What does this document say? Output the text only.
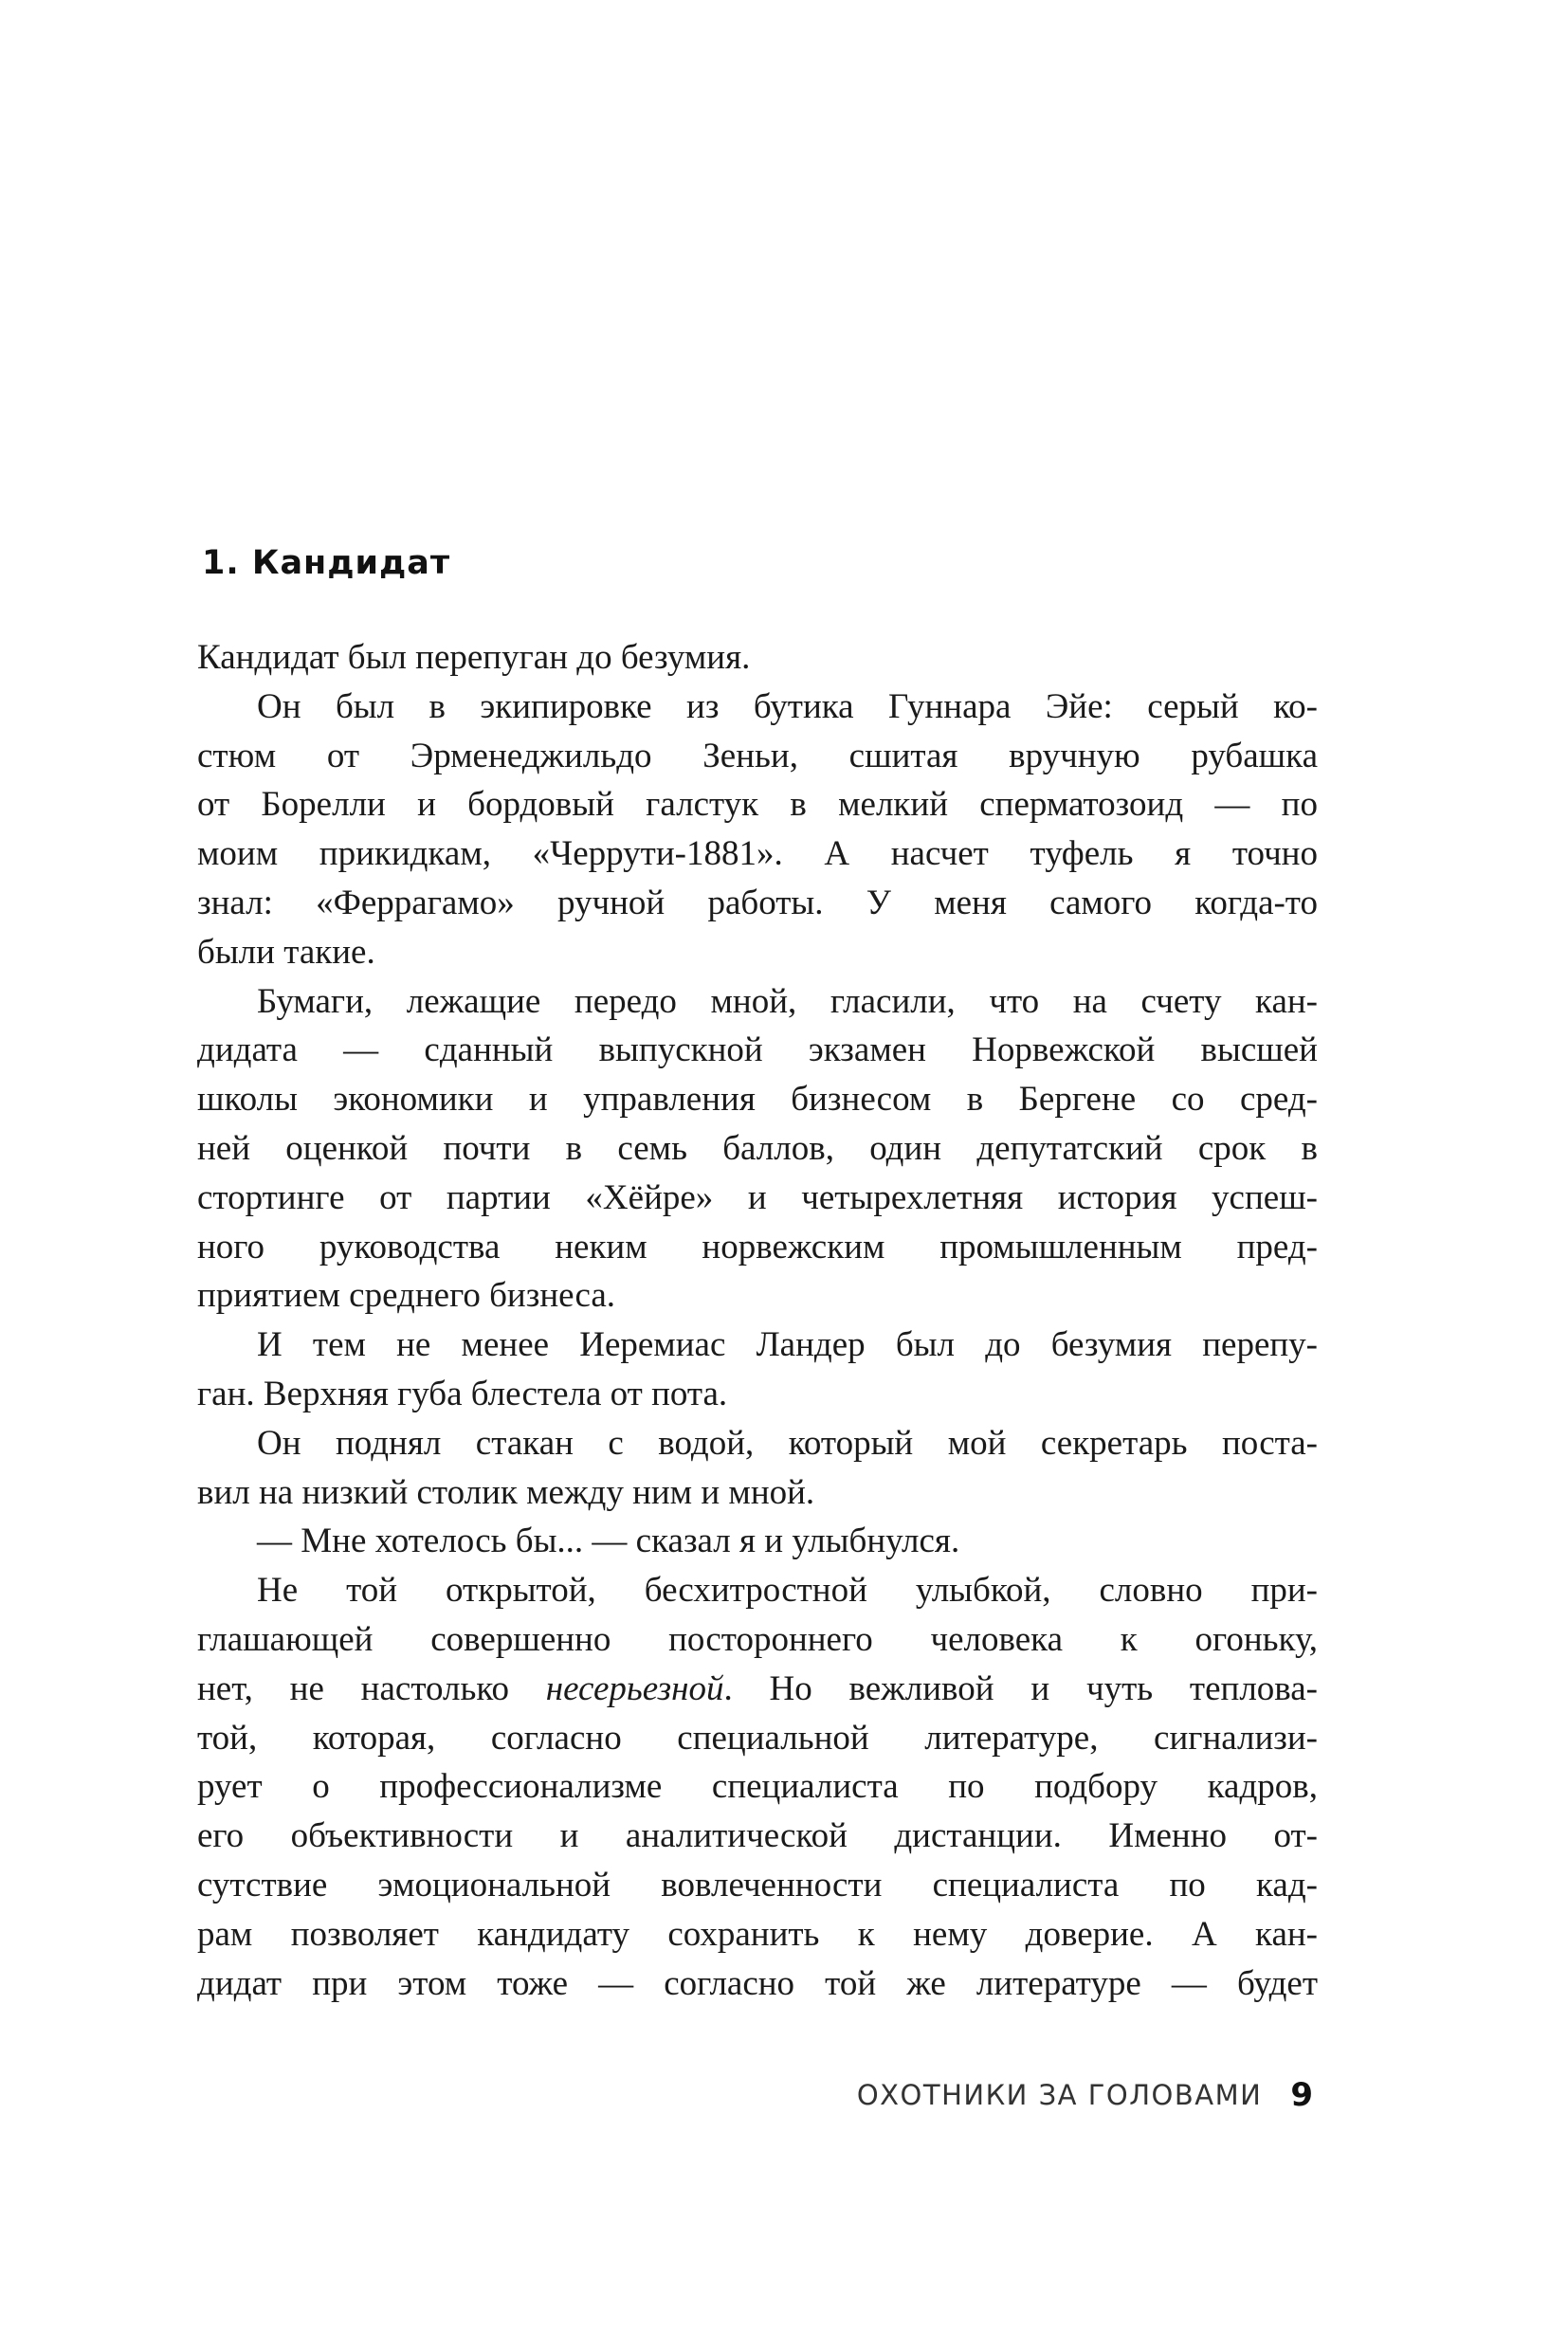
1. Кандидат
Кандидат был перепуган до безумия.
Он был в экипировке из бутика Гуннара Эйе: серый ко-
стюм от Эрменеджильдо Зеньи, сшитая вручную рубашка
от Борелли и бордовый галстук в мелкий сперматозоид — по
моим прикидкам, «Черрути-1881». А насчет туфель я точно
знал: «Феррагамо» ручной работы. У меня самого когда-то
были такие.
Бумаги, лежащие передо мной, гласили, что на счету кан-
дидата — сданный выпускной экзамен Норвежской высшей
школы экономики и управления бизнесом в Бергене со сред-
ней оценкой почти в семь баллов, один депутатский срок в
стортинге от партии «Хёйре» и четырехлетняя история успеш-
ного руководства неким норвежским промышленным пред-
приятием среднего бизнеса.
И тем не менее Иеремиас Ландер был до безумия перепу-
ган. Верхняя губа блестела от пота.
Он поднял стакан с водой, который мой секретарь поста-
вил на низкий столик между ним и мной.
— Мне хотелось бы... — сказал я и улыбнулся.
Не той открытой, бесхитростной улыбкой, словно при-
глашающей совершенно постороннего человека к огоньку,
нет, не настолько несерьезной. Но вежливой и чуть теплова-
той, которая, согласно специальной литературе, сигнализи-
рует о профессионализме специалиста по подбору кадров,
его объективности и аналитической дистанции. Именно от-
сутствие эмоциональной вовлеченности специалиста по кад-
рам позволяет кандидату сохранить к нему доверие. А кан-
дидат при этом тоже — согласно той же литературе — будет
ОХОТНИКИ ЗА ГОЛОВАМИ 9
